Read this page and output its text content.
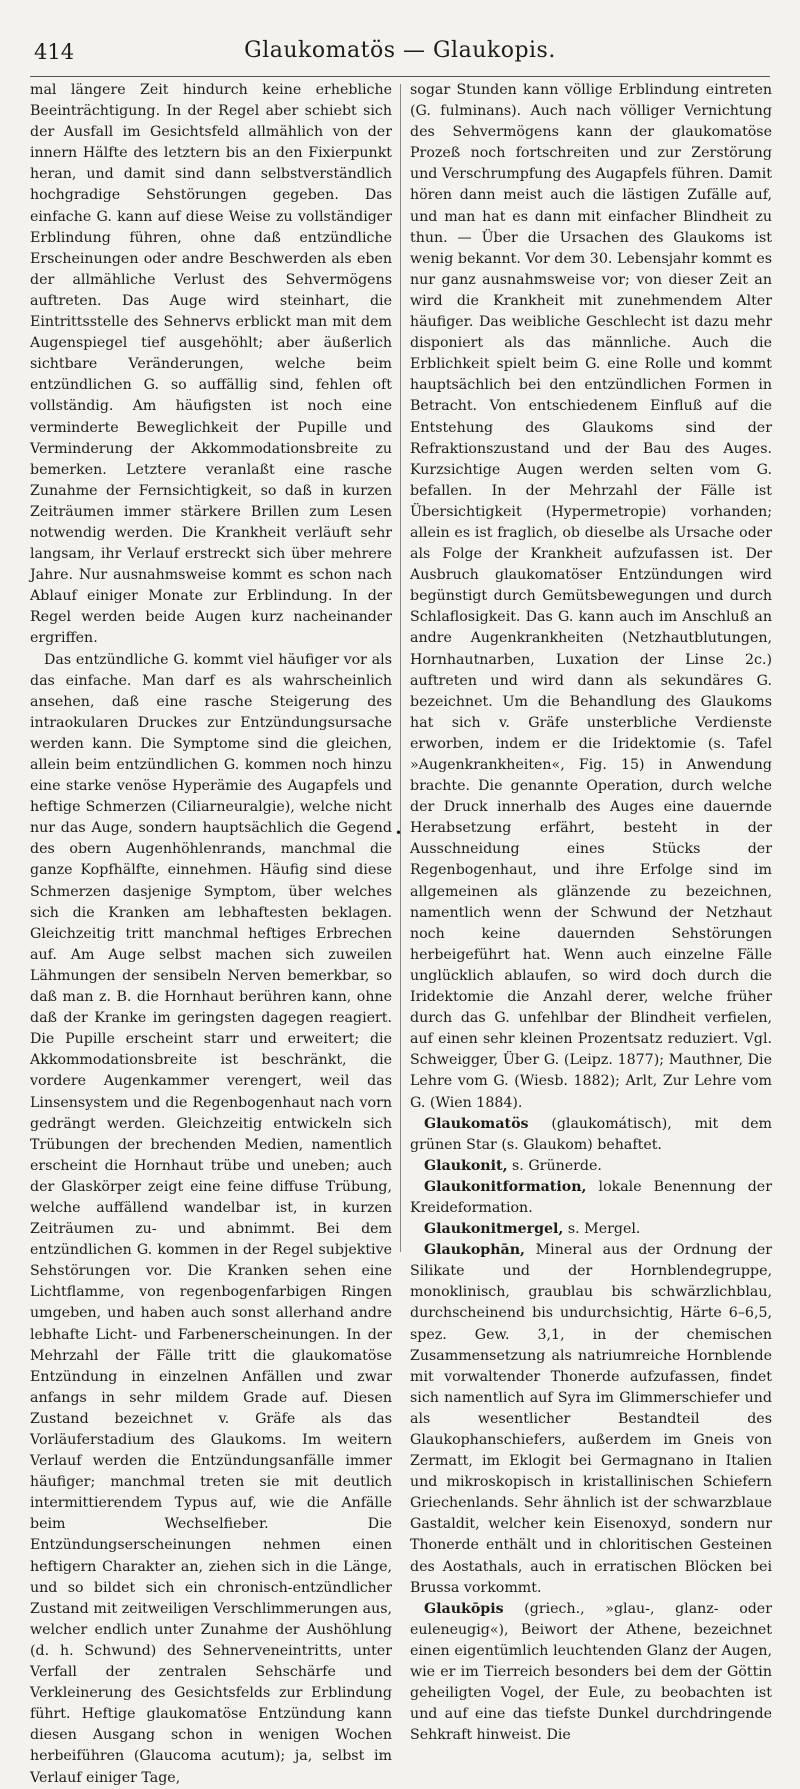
414	Glaukomatös — Glaukopis.

mal längere Zeit hindurch keine erhebliche Beeinträchtigung. In der Regel aber schiebt sich der Ausfall im Gesichtsfeld allmählich von der innern Hälfte des letztern bis an den Fixierpunkt heran, und damit sind dann selbstverständlich hochgradige Sehstörungen gegeben. Das einfache G. kann auf diese Weise zu vollständiger Erblindung führen, ohne daß entzündliche Erscheinungen oder andre Beschwerden als eben der allmähliche Verlust des Sehvermögens auftreten. Das Auge wird steinhart, die Eintrittsstelle des Sehnervs erblickt man mit dem Augenspiegel tief ausgehöhlt; aber äußerlich sichtbare Veränderungen, welche beim entzündlichen G. so auffällig sind, fehlen oft vollständig. Am häufigsten ist noch eine verminderte Beweglichkeit der Pupille und Verminderung der Akkommodationsbreite zu bemerken. Letztere veranlaßt eine rasche Zunahme der Fernsichtigkeit, so daß in kurzen Zeiträumen immer stärkere Brillen zum Lesen notwendig werden. Die Krankheit verläuft sehr langsam, ihr Verlauf erstreckt sich über mehrere Jahre. Nur ausnahmsweise kommt es schon nach Ablauf einiger Monate zur Erblindung. In der Regel werden beide Augen kurz nacheinander ergriffen.

Das entzündliche G. kommt viel häufiger vor als das einfache. Man darf es als wahrscheinlich ansehen, daß eine rasche Steigerung des intraokularen Druckes zur Entzündungsursache werden kann. Die Symptome sind die gleichen, allein beim entzündlichen G. kommen noch hinzu eine starke venöse Hyperämie des Augapfels und heftige Schmerzen (Ciliarneuralgie), welche nicht nur das Auge, sondern hauptsächlich die Gegend des obern Augenhöhlenrands, manchmal die ganze Kopfhälfte, einnehmen. Häufig sind diese Schmerzen dasjenige Symptom, über welches sich die Kranken am lebhaftesten beklagen. Gleichzeitig tritt manchmal heftiges Erbrechen auf. Am Auge selbst machen sich zuweilen Lähmungen der sensibeln Nerven bemerkbar, so daß man z. B. die Hornhaut berühren kann, ohne daß der Kranke im geringsten dagegen reagiert. Die Pupille erscheint starr und erweitert; die Akkommodationsbreite ist beschränkt, die vordere Augenkammer verengert, weil das Linsensystem und die Regenbogenhaut nach vorn gedrängt werden. Gleichzeitig entwickeln sich Trübungen der brechenden Medien, namentlich erscheint die Hornhaut trübe und uneben; auch der Glaskörper zeigt eine feine diffuse Trübung, welche auffällend wandelbar ist, in kurzen Zeiträumen zu- und abnimmt. Bei dem entzündlichen G. kommen in der Regel subjektive Sehstörungen vor. Die Kranken sehen eine Lichtflamme, von regenbogenfarbigen Ringen umgeben, und haben auch sonst allerhand andre lebhafte Licht- und Farbenerscheinungen. In der Mehrzahl der Fälle tritt die glaukomatöse Entzündung in einzelnen Anfällen und zwar anfangs in sehr mildem Grade auf. Diesen Zustand bezeichnet v. Gräfe als das Vorläuferstadium des Glaukoms. Im weitern Verlauf werden die Entzündungsanfälle immer häufiger; manchmal treten sie mit deutlich intermittierendem Typus auf, wie die Anfälle beim Wechselfieber. Die Entzündungserscheinungen nehmen einen heftigern Charakter an, ziehen sich in die Länge, und so bildet sich ein chronisch-entzündlicher Zustand mit zeitweiligen Verschlimmerungen aus, welcher endlich unter Zunahme der Aushöhlung (d. h. Schwund) des Sehnerveneintritts, unter Verfall der zentralen Sehschärfe und Verkleinerung des Gesichtsfelds zur Erblindung führt. Heftige glaukomatöse Entzündung kann diesen Ausgang schon in wenigen Wochen herbeiführen (Glaucoma acutum); ja, selbst im Verlauf einiger Tage,

•

sogar Stunden kann völlige Erblindung eintreten (G. fulminans). Auch nach völliger Vernichtung des Sehvermögens kann der glaukomatöse Prozeß noch fortschreiten und zur Zerstörung und Verschrumpfung des Augapfels führen. Damit hören dann meist auch die lästigen Zufälle auf, und man hat es dann mit einfacher Blindheit zu thun. — Über die Ursachen des Glaukoms ist wenig bekannt. Vor dem 30. Lebensjahr kommt es nur ganz ausnahmsweise vor; von dieser Zeit an wird die Krankheit mit zunehmendem Alter häufiger. Das weibliche Geschlecht ist dazu mehr disponiert als das männliche. Auch die Erblichkeit spielt beim G. eine Rolle und kommt hauptsächlich bei den entzündlichen Formen in Betracht. Von entschiedenem Einfluß auf die Entstehung des Glaukoms sind der Refraktionszustand und der Bau des Auges. Kurzsichtige Augen werden selten vom G. befallen. In der Mehrzahl der Fälle ist Übersichtigkeit (Hypermetropie) vorhanden; allein es ist fraglich, ob dieselbe als Ursache oder als Folge der Krankheit aufzufassen ist. Der Ausbruch glaukomatöser Entzündungen wird begünstigt durch Gemütsbewegungen und durch Schlaflosigkeit. Das G. kann auch im Anschluß an andre Augenkrankheiten (Netzhautblutungen, Hornhautnarben, Luxation der Linse 2c.) auftreten und wird dann als sekundäres G. bezeichnet. Um die Behandlung des Glaukoms hat sich v. Gräfe unsterbliche Verdienste erworben, indem er die Iridektomie (s. Tafel »Augenkrankheiten«, Fig. 15) in Anwendung brachte. Die genannte Operation, durch welche der Druck innerhalb des Auges eine dauernde Herabsetzung erfährt, besteht in der Ausschneidung eines Stücks der Regenbogenhaut, und ihre Erfolge sind im allgemeinen als glänzende zu bezeichnen, namentlich wenn der Schwund der Netzhaut noch keine dauernden Sehstörungen herbeigeführt hat. Wenn auch einzelne Fälle unglücklich ablaufen, so wird doch durch die Iridektomie die Anzahl derer, welche früher durch das G. unfehlbar der Blindheit verfielen, auf einen sehr kleinen Prozentsatz reduziert. Vgl. Schweigger, Über G. (Leipz. 1877); Mauthner, Die Lehre vom G. (Wiesb. 1882); Arlt, Zur Lehre vom G. (Wien 1884).

Glaukomatös (glaukomátisch), mit dem grünen Star (s. Glaukom) behaftet.

Glaukonit, s. Grünerde.

Glaukonitformation, lokale Benennung der Kreideformation.

Glaukonitmergel, s. Mergel.

Glaukophān, Mineral aus der Ordnung der Silikate und der Hornblendegruppe, monoklinisch, graublau bis schwärzlichblau, durchscheinend bis undurchsichtig, Härte 6–6,5, spez. Gew. 3,1, in der chemischen Zusammensetzung als natriumreiche Hornblende mit vorwaltender Thonerde aufzufassen, findet sich namentlich auf Syra im Glimmerschiefer und als wesentlicher Bestandteil des Glaukophanschiefers, außerdem im Gneis von Zermatt, im Eklogit bei Germagnano in Italien und mikroskopisch in kristallinischen Schiefern Griechenlands. Sehr ähnlich ist der schwarzblaue Gastaldit, welcher kein Eisenoxyd, sondern nur Thonerde enthält und in chloritischen Gesteinen des Aostathals, auch in erratischen Blöcken bei Brussa vorkommt.

Glaukōpis (griech., »glau-, glanz- oder euleneugig«), Beiwort der Athene, bezeichnet einen eigentümlich leuchtenden Glanz der Augen, wie er im Tierreich besonders bei dem der Göttin geheiligten Vogel, der Eule, zu beobachten ist und auf eine das tiefste Dunkel durchdringende Sehkraft hinweist. Die
